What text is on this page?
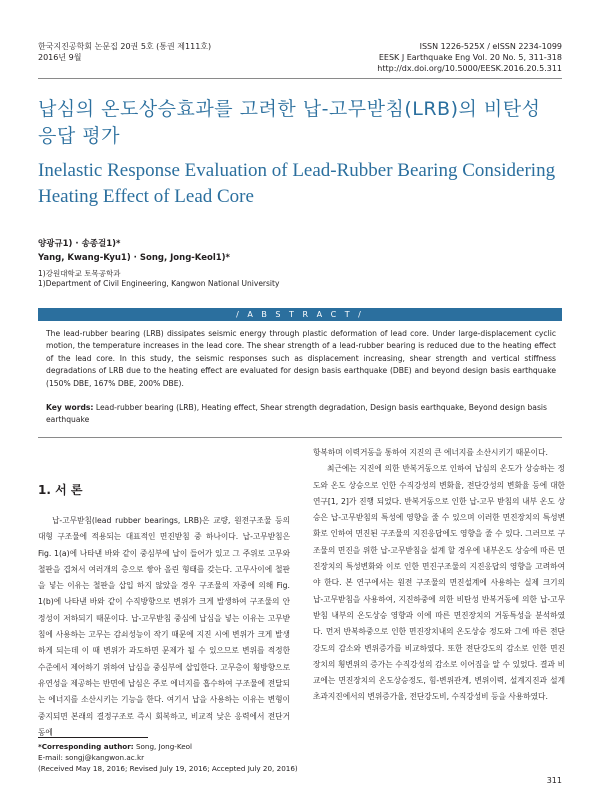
한국지진공학회 논문집 20권 5호 (통권 제111호)
2016년 9월
ISSN 1226-525X / eISSN 2234-1099
EESK J Earthquake Eng Vol. 20 No. 5, 311-318
http://dx.doi.org/10.5000/EESK.2016.20.5.311
납심의 온도상승효과를 고려한 납-고무받침(LRB)의 비탄성응답 평가
Inelastic Response Evaluation of Lead-Rubber Bearing Considering Heating Effect of Lead Core
양광규1) · 송종걸1)*
Yang, Kwang-Kyu1) · Song, Jong-Keol1)*
1)강원대학교 토목공학과
1)Department of Civil Engineering, Kangwon National University
/ A B S T R A C T /
The lead-rubber bearing (LRB) dissipates seismic energy through plastic deformation of lead core. Under large-displacement cyclic motion, the temperature increases in the lead core. The shear strength of a lead-rubber bearing is reduced due to the heating effect of the lead core. In this study, the seismic responses such as displacement increasing, shear strength and vertical stiffness degradations of LRB due to the heating effect are evaluated for design basis earthquake (DBE) and beyond design basis earthquake (150% DBE, 167% DBE, 200% DBE).
Key words: Lead-rubber bearing (LRB), Heating effect, Shear strength degradation, Design basis earthquake, Beyond design basis earthquake
1. 서 론

납-고무받침(lead rubber bearings, LRB)은 교량, 원전구조물 등의 대형 구조물에 적용되는 대표적인 면진받침 중 하나이다. 납-고무받침은 Fig. 1(a)에 나타낸 바와 같이 중심부에 납이 들어가 있고 그 주위로 고무와 철판을 겹쳐서 여러개의 층으로 쌓아 올린 형태를 갖는다. 고무사이에 철판을 넣는 이유는 철판을 삽입 하지 않았을 경우 구조물의 자중에 의해 Fig. 1(b)에 나타낸 바와 같이 수직방향으로 변위가 크게 발생하여 구조물의 안정성이 저하되기 때문이다. 납-고무받침 중심에 납심을 넣는 이유는 고무받침에 사용하는 고무는 감쇠성능이 작기 때문에 지진 시에 변위가 크게 발생하게 되는데 이 때 변위가 과도하면 문제가 될 수 있으므로 변위를 적정한 수준에서 제어하기 위하여 납심을 중심부에 삽입한다. 고무층이 횡방향으로 유연성을 제공하는 반면에 납심은 주로 에너지를 흡수하여 구조물에 전달되는 에너지를 소산시키는 기능을 한다. 여기서 납을 사용하는 이유는 변형이 중지되면 본래의 결정구조로 즉시 회복하고, 비교적 낮은 응력에서 전단거동에

항복하며 이력거동을 통하여 지진의 큰 에너지를 소산시키기 때문이다.

최근에는 지진에 의한 반복거동으로 인하여 납심의 온도가 상승하는 정도와 온도 상승으로 인한 수직강성의 변화율, 전단강성의 변화율 등에 대한 연구[1, 2]가 진행 되었다. 반복거동으로 인한 납-고무 받침의 내부 온도 상승은 납-고무받침의 특성에 영향을 줄 수 있으며 이러한 면진장치의 특성변화로 인하여 면진된 구조물의 지진응답에도 영향을 줄 수 있다. 그러므로 구조물의 면진을 위한 납-고무받침을 설계 할 경우에 내부온도 상승에 따른 면진장치의 특성변화와 이로 인한 면진구조물의 지진응답의 영향을 고려하여야 한다. 본 연구에서는 원전 구조물의 면진설계에 사용하는 실제 크기의 납-고무받침을 사용하여, 지진하중에 의한 비탄성 반복거동에 의한 납-고무받침 내부의 온도상승 영향과 이에 따른 면진장치의 거동특성을 분석하였다. 먼저 반복하중으로 인한 면진장치내의 온도상승 정도와 그에 따른 전단강도의 감소와 변위증가를 비교하였다. 또한 전단강도의 감소로 인한 면진장치의 횡변위의 증가는 수직강성의 감소로 이어짐을 알 수 있었다. 결과 비교에는 면진장치의 온도상승정도, 힘-변위관계, 변위이력, 설계지진과 설계초과지진에서의 변위증가율, 전단강도비, 수직강성비 등을 사용하였다.

*Corresponding author: Song, Jong-Keol
E-mail: songj@kangwon.ac.kr
(Received May 18, 2016; Revised July 19, 2016; Accepted July 20, 2016)
311
